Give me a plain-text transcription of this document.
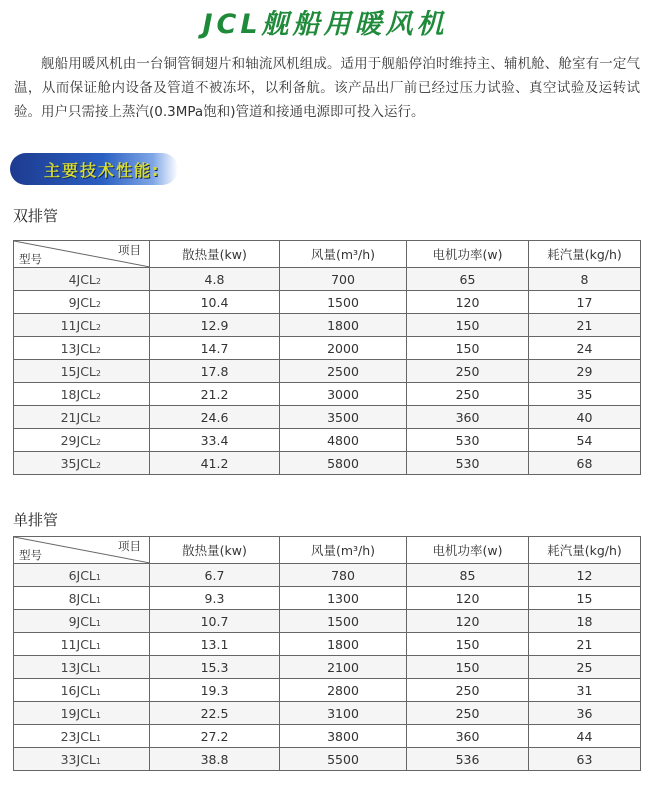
JCL舰船用暖风机
舰船用暖风机由一台铜管铜翅片和轴流风机组成。适用于舰船停泊时维持主、辅机舱、舱室有一定气温，从而保证舱内设备及管道不被冻坏，以利备航。该产品出厂前已经过压力试验、真空试验及运转试验。用户只需接上蒸汽(0.3MPa饱和)管道和接通电源即可投入运行。
主要技术性能:
双排管
项目
型号	散热量(kw)	风量(m³/h)	电机功率(w)	耗汽量(kg/h)
4JCL2	4.8	700	65	8
9JCL2	10.4	1500	120	17
11JCL2	12.9	1800	150	21
13JCL2	14.7	2000	150	24
15JCL2	17.8	2500	250	29
18JCL2	21.2	3000	250	35
21JCL2	24.6	3500	360	40
29JCL2	33.4	4800	530	54
35JCL2	41.2	5800	530	68
单排管
项目
型号	散热量(kw)	风量(m³/h)	电机功率(w)	耗汽量(kg/h)
6JCL1	6.7	780	85	12
8JCL1	9.3	1300	120	15
9JCL1	10.7	1500	120	18
11JCL1	13.1	1800	150	21
13JCL1	15.3	2100	150	25
16JCL1	19.3	2800	250	31
19JCL1	22.5	3100	250	36
23JCL1	27.2	3800	360	44
33JCL1	38.8	5500	536	63
